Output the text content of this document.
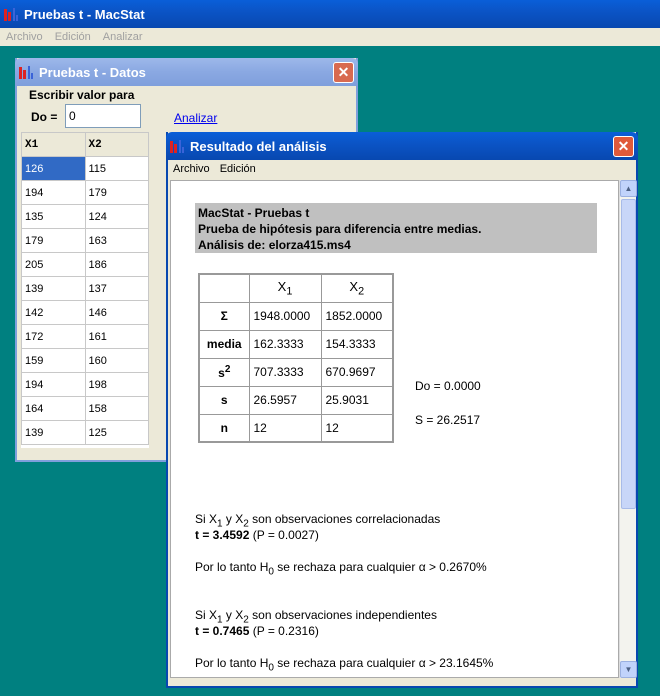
Pruebas t - MacStat
Archivo	Edición	Analizar
Pruebas t - Datos	✕
Escribir valor para
Do =
0	Analizar
X1	X2
126	115
194	179
135	124
179	163
205	186
139	137
142	146
172	161
159	160
194	198
164	158
139	125
Resultado del análisis	✕
Archivo Edición
MacStat - Pruebas t
Prueba de hipótesis para diferencia entre medias.
Análisis de: elorza415.ms4
	$X_1$	$X_2$
Σ	1948.0000	1852.0000
media	162.3333	154.3333
$s^2$	707.3333	670.9697
s	26.5957	25.9031
n	12	12
Do = 0.0000
S = 26.2517
Si $X_1$ y $X_2$ son observaciones correlacionadas
t = 3.4592 (P = 0.0027)
Por lo tanto $H_0$ se rechaza para cualquier α > 0.2670%
Si $X_1$ y $X_2$ son observaciones independientes
t = 0.7465 (P = 0.2316)
Por lo tanto $H_0$ se rechaza para cualquier α > 23.1645%
▲
▼
